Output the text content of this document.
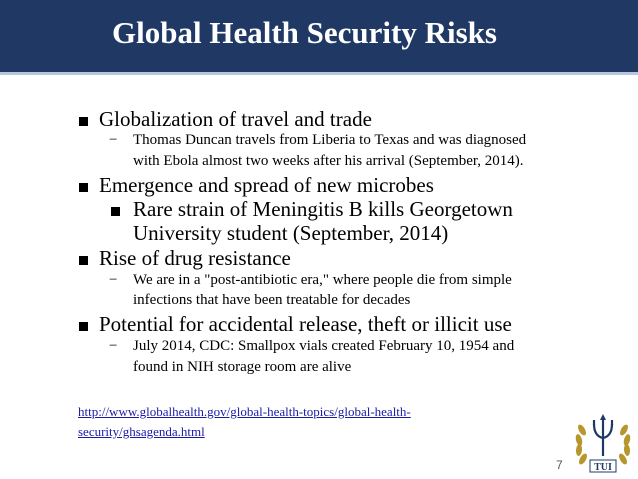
Global Health Security Risks
Globalization of travel and trade
− Thomas Duncan travels from Liberia to Texas and was diagnosed
with Ebola almost two weeks after his arrival (September, 2014).
Emergence and spread of new microbes
Rare strain of Meningitis B kills Georgetown
University student (September, 2014)
Rise of drug resistance
− We are in a "post-antibiotic era," where people die from simple
infections that have been treatable for decades
Potential for accidental release, theft or illicit use
− July 2014, CDC: Smallpox vials created February 10, 1954 and
found in NIH storage room are alive
http://www.globalhealth.gov/global-health-topics/global-health-
security/ghsagenda.html
7	TUI
